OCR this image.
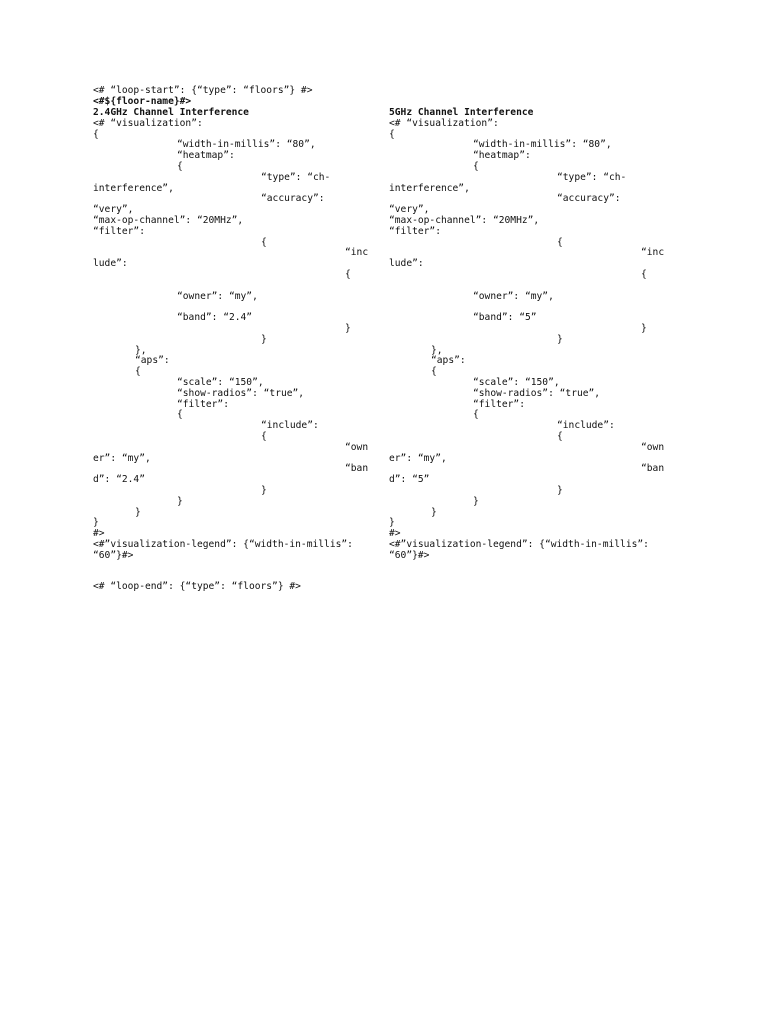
<# “loop-start”: {“type”: “floors”} #>
<#${floor-name}#>
2.4GHz Channel Interference
<# “visualization”:
{
“width-in-millis”: “80”,
“heatmap”:
{
“type”: “ch-
interference”,
“accuracy”:
“very”,
“max-op-channel”: “20MHz”,
“filter”:
{
“inc
lude”:
{
“owner”: “my”,
“band”: “2.4”
}
}
},
“aps”:
{
“scale”: “150”,
“show-radios”: “true”,
“filter”:
{
“include”:
{
“own
er”: “my”,
“ban
d”: “2.4”
}
}
}
}
#>
<#”visualization-legend”: {“width-in-millis”:
“60”}#>
5GHz Channel Interference
<# “visualization”:
{
“width-in-millis”: “80”,
“heatmap”:
{
“type”: “ch-
interference”,
“accuracy”:
“very”,
“max-op-channel”: “20MHz”,
“filter”:
{
“inc
lude”:
{
“owner”: “my”,
“band”: “5”
}
}
},
“aps”:
{
“scale”: “150”,
“show-radios”: “true”,
“filter”:
{
“include”:
{
“own
er”: “my”,
“ban
d”: “5”
}
}
}
}
#>
<#”visualization-legend”: {“width-in-millis”:
“60”}#>
<# “loop-end”: {“type”: “floors”} #>
